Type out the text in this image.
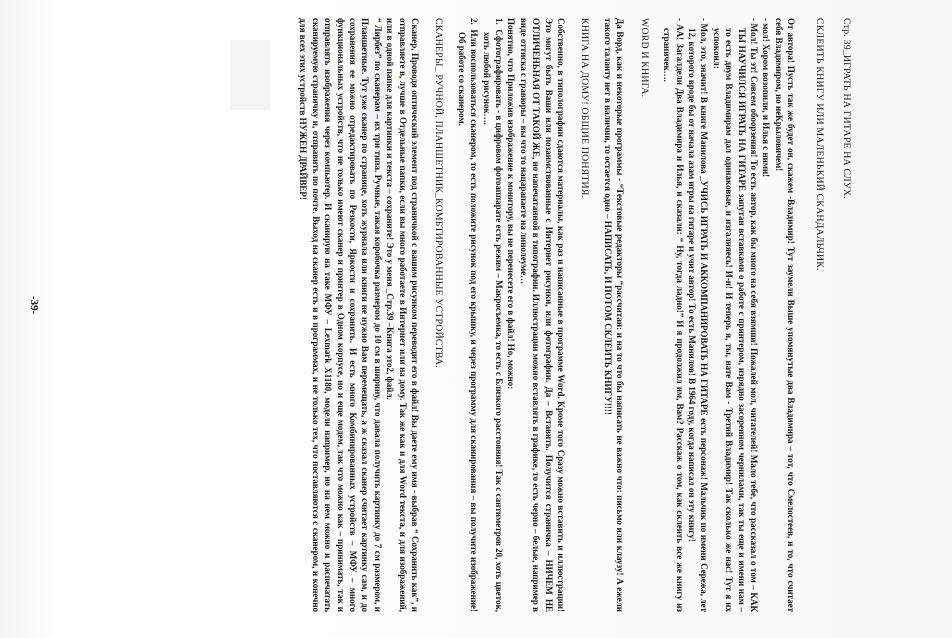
Стр. 39_ИГРАТЬ НА ГИТАРЕ НА СЛУХ.

СКЛЕИТЬ КНИГУ ИЛИ МАЛЕНЬКИЙ СКАНДАЛЬЧИК.

От автора! Пусть так же будет он, скажем -Владимир! Тут заумели Выше упомянутые два Владимира – тот, что Смелостеев, и то, что считает себя Владимиром, но неКрыловичем!

- мол! Хором возопили, и Илья с ними!

- Мол! Ты эт! Совсем обоорзения! То есть автор, как бы много на себя взямши! Пожалей мол, читателей! Мало тебе, что рассказал о том – КАК ТЫ НАУЧИЛСЯ ИГРАТЬ НА ГИТАРЕ запутан вставками о работе с принтером, изрядно засоренном чернилами, так ты еще и имени нам – то есть двум Владимирам дал одинаковые, и изгалияесь! И-н! И теперь я, ты, нате Вам - Третий Владимир! Так сколько же нас! Тут я их успокоил:

- Мол, это, значит! В книге Манилова _УЧИСЬ ИГРАТЬ И АККОМПАНИРОВАТЬ НА ГИТАРЕ есть персонаж! Мальчик по имени Сережа, лет 12, которого вроде бы от начала азам игры на гитаре и учит автор! То есть Манилов! В 1964 году, когда написал он эту книгу!

- АА! Загалдели Два Владимира и Илья, и сказали: “ Ну, тогда ладно!” И я продолжил им, Вам? Расскаж о том, как склеить все же книгу из страничек….

WORD И КНИГА.

Да Ворд, как и некоторые программы - “Текстовые редакторы “рассчитан: и на то что бы написать не важно что: письмо или клаузу! А ежели такого таланту нет в наличии, то остается одно – НАПИСАТЬ, И ПОТОМ СКЛЕИТЬ КНИГУ!!!!

КНИГА НА ДОМУ! ОБЩИЕ ПОНЯТИЯ.

Собственно, в типолографии сдаются материалы, как раз и написанные в программе Word. Кроме того Сразу можно вставить и иллюстрации! Это могут быть Ваши или позаимствованные с Интернет рисунки, или фотографии. Да – Вставить. Получится страничка – НИЧЕМ НЕ ОТЛИЧЕНЬНАЯ ОТ ТАКОЙ ЖЕ, но напечатанной в типографии. Иллюстрации можно вставлять в графике, то есть черно – белые, например в виде оттиска с гравюры – вы что то нацарапаете на линолеуме…

Понятно, что Приложив изображение к монитору, вы не перенесете его в файл! Но, можно:

1.  Сфотографировать - в цифровом фотоаппарате есть режим – Макросъемка, то есть с Близкого расстояния! Так с сантиметров 20, хоть цветок, хоть любой рисунок….

2.  Или воспользоваться сканером, то есть положите рисунок под его крышку, и через программу для сканирования – вы получите изображение! Об работе со сканером.

СКАНЕРЫ_ РУЧНОЙ, ПЛАНШЕТНИК_КОМБТИРОВАННЫЕ УСТРОЙСТВА.

Сканер, Проводя оптический элемент под страничкой с вашим рисунком переводит его в файл! Вы даете ему имя - выбрав “ Сохранить как”, и отправляете в, лучше в Отдельные папки, если вы много работаете в Интернет или на дому. Так же как и для Word текста, и для изображений, или в одной папке для картинки и текста – сохраните! Это у меня _Стр.39 –Книга это2, файл.

“ Лирбез” по сканерам – их три типа. Ручные, такая коробочка размером до 10 см в ширину, что давала получить картинку до 7 см размером, и Планшетные. Тут уже сканер по странице, хоть журнала или книги не нужно Вам перемещать, а ж сказал сканер считает картинку сам, и до сохранения ее можно отредактировать по Резкости, Яркости и сохранить. И есть много Комбинированных устройств – МФУ – много функциональных устройств, что не только имеют сканер и принтер в Одном корпусе, но и еще модем, так что можно как – принимать, так и отправлять изображения через компьютер. И сканирую на таке МФУ – Lexmark X1180, модели например, но на нем можно и распечатать сканируемую страничку и, отправить по почте. Выход на сканер есть и в программах, и не только тех, что поставляются с сканером, и конечно для всех этих устройств НУЖЕН ДРАЙВЕР!

-39-
